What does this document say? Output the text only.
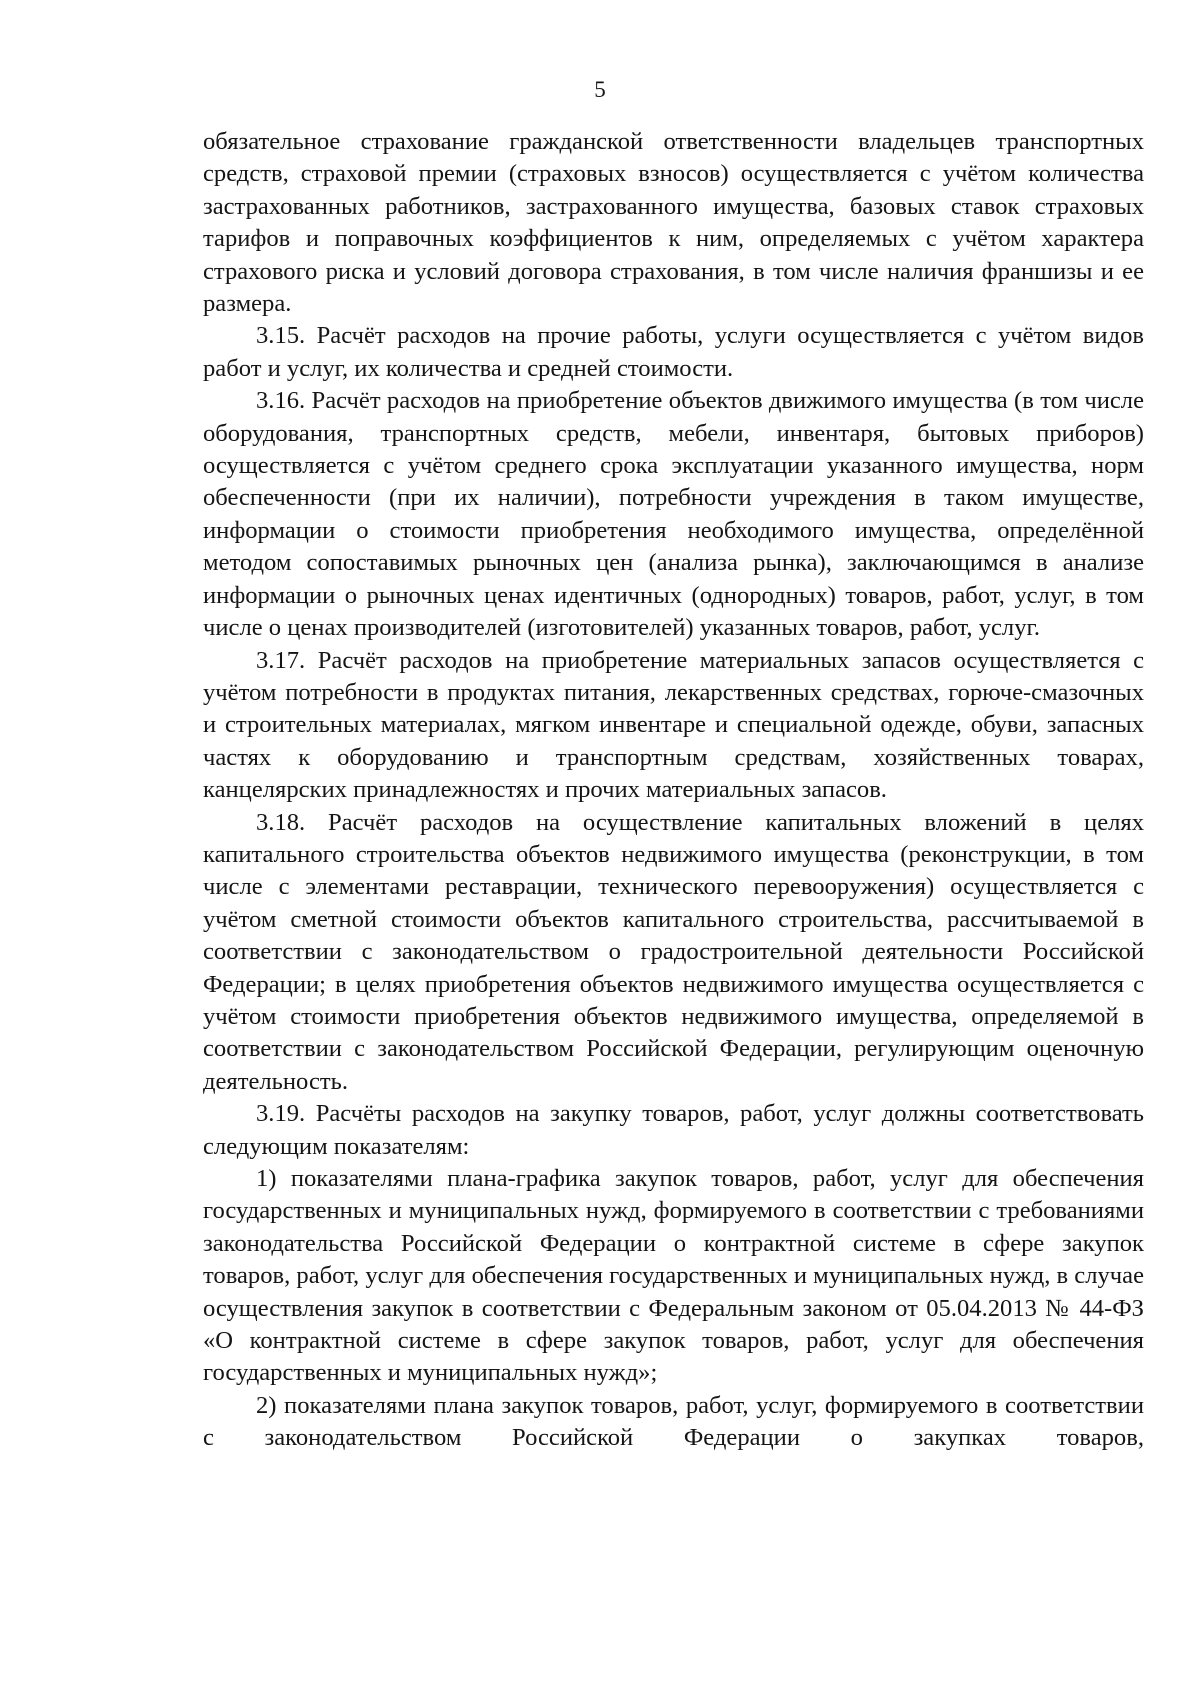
5

обязательное страхование гражданской ответственности владельцев транспортных средств, страховой премии (страховых взносов) осуществляется с учётом количества застрахованных работников, застрахованного имущества, базовых ставок страховых тарифов и поправочных коэффициентов к ним, определяемых с учётом характера страхового риска и условий договора страхования, в том числе наличия франшизы и ее размера.

3.15. Расчёт расходов на прочие работы, услуги осуществляется с учётом видов работ и услуг, их количества и средней стоимости.

3.16. Расчёт расходов на приобретение объектов движимого имущества (в том числе оборудования, транспортных средств, мебели, инвентаря, бытовых приборов) осуществляется с учётом среднего срока эксплуатации указанного имущества, норм обеспеченности (при их наличии), потребности учреждения в таком имуществе, информации о стоимости приобретения необходимого имущества, определённой методом сопоставимых рыночных цен (анализа рынка), заключающимся в анализе информации о рыночных ценах идентичных (однородных) товаров, работ, услуг, в том числе о ценах производителей (изготовителей) указанных товаров, работ, услуг.

3.17. Расчёт расходов на приобретение материальных запасов осуществляется с учётом потребности в продуктах питания, лекарственных средствах, горюче-смазочных и строительных материалах, мягком инвентаре и специальной одежде, обуви, запасных частях к оборудованию и транспортным средствам, хозяйственных товарах, канцелярских принадлежностях и прочих материальных запасов.

3.18. Расчёт расходов на осуществление капитальных вложений в целях капитального строительства объектов недвижимого имущества (реконструкции, в том числе с элементами реставрации, технического перевооружения) осуществляется с учётом сметной стоимости объектов капитального строительства, рассчитываемой в соответствии с законодательством о градостроительной деятельности Российской Федерации; в целях приобретения объектов недвижимого имущества осуществляется с учётом стоимости приобретения объектов недвижимого имущества, определяемой в соответствии с законодательством Российской Федерации, регулирующим оценочную деятельность.

3.19. Расчёты расходов на закупку товаров, работ, услуг должны соответствовать следующим показателям:

1) показателями плана-графика закупок товаров, работ, услуг для обеспечения государственных и муниципальных нужд, формируемого в соответствии с требованиями законодательства Российской Федерации о контрактной системе в сфере закупок товаров, работ, услуг для обеспечения государственных и муниципальных нужд, в случае осуществления закупок в соответствии с Федеральным законом от 05.04.2013 № 44-ФЗ «О контрактной системе в сфере закупок товаров, работ, услуг для обеспечения государственных и муниципальных нужд»;

2) показателями плана закупок товаров, работ, услуг, формируемого в соответствии с законодательством Российской Федерации о закупках товаров,
